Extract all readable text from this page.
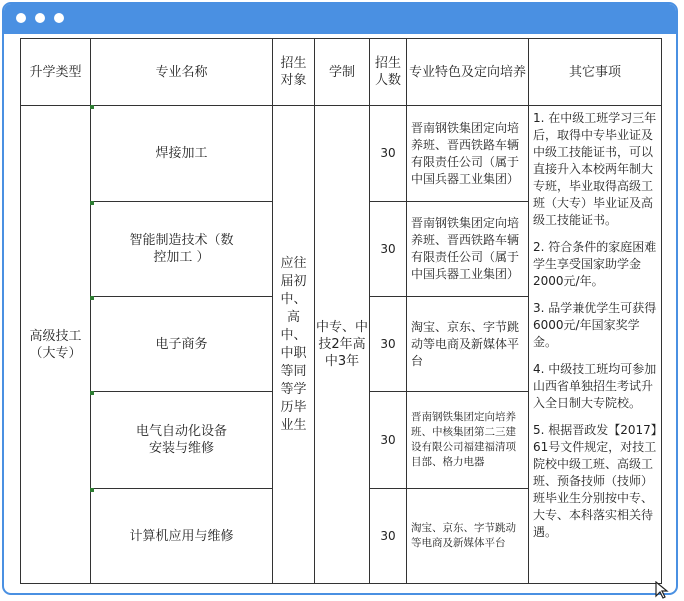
升学类型	专业名称	招生对象	学制	招生人数	专业特色及定向培养	其它事项
高级技工（大专）	焊接加工	应往届初中、高中、中职等同等学历毕业生	中专、中技2年高中3年	30	晋南钢铁集团定向培养班、晋西铁路车辆有限责任公司（属于中国兵器工业集团）	1. 在中级工班学习三年后，取得中专毕业证及中级工技能证书，可以直接升入本校两年制大专班，毕业取得高级工班（大专）毕业证及高级工技能证书。

2. 符合条件的家庭困难学生享受国家助学金2000元/年。

3. 品学兼优学生可获得6000元/年国家奖学金。

4. 中级技工班均可参加山西省单独招生考试升入全日制大专院校。

5. 根据晋政发【2017】61号文件规定，对技工院校中级工班、高级工班、预备技师（技师）班毕业生分别按中专、大专、本科落实相关待遇。

	智能制造技术（数控加工 ）			30	晋南钢铁集团定向培养班、晋西铁路车辆有限责任公司（属于中国兵器工业集团）	
	电子商务			30	淘宝、京东、字节跳动等电商及新媒体平台	
	电气自动化设备安装与维修			30	晋南钢铁集团定向培养班、中核集团第二三建设有限公司福建福清项目部、格力电器	
	计算机应用与维修			30	淘宝、京东、字节跳动等电商及新媒体平台	
